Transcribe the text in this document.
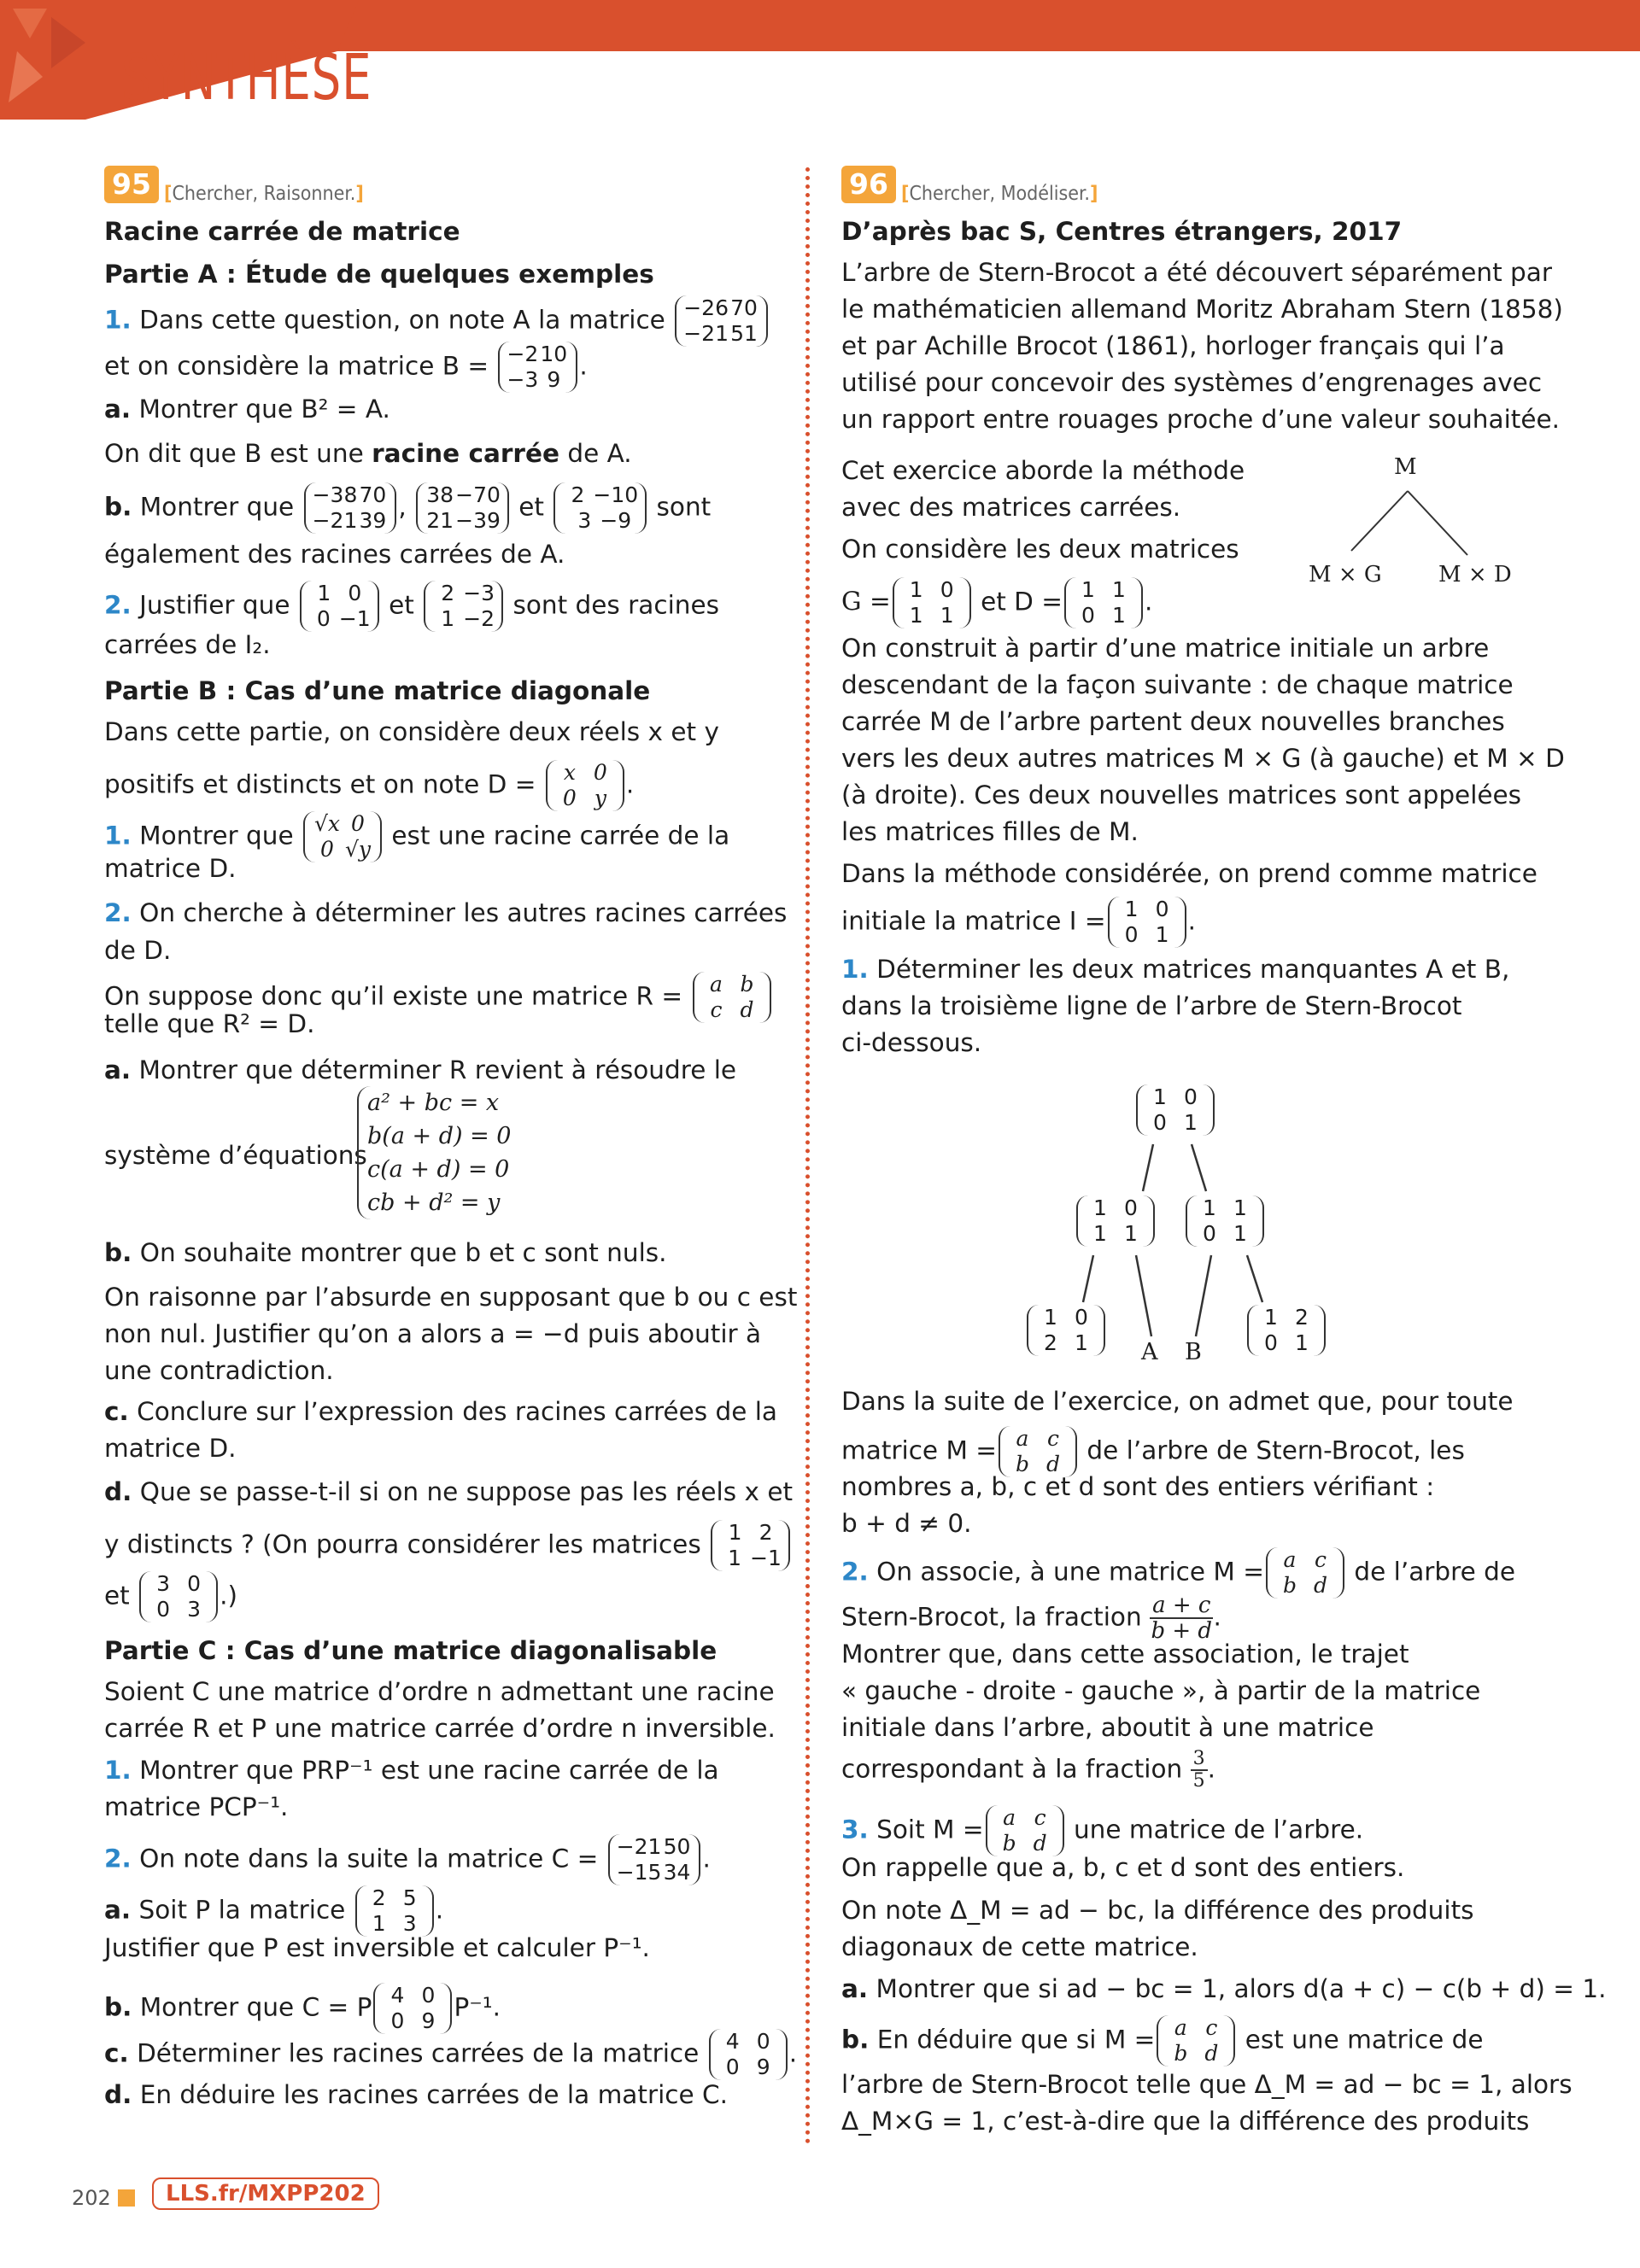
SYNTHÈSE
95 [Chercher, Raisonner.]
Racine carrée de matrice
Partie A : Étude de quelques exemples
1. Dans cette question, on note A la matrice −2670
−2151
et on considère la matrice B = −210
−3 9 .
a. Montrer que B² = A.
On dit que B est une racine carrée de A.
b. Montrer que −3870
−2139 , 38−70
21−39 et	2 −10
3 −9 sont
également des racines carrées de A.
2. Justifier que	1 0
0 −1 et	2 −3
1 −2 sont des racines
carrées de I₂.
Partie B : Cas d’une matrice diagonale
Dans cette partie, on considère deux réels x et y
positifs et distincts et on note D =	x 0
0 y .
1. Montrer que √x 0
0 √y est une racine carrée de la
matrice D.
2. On cherche à déterminer les autres racines carrées
de D.
On suppose donc qu’il existe une matrice R =	a b
c d
telle que R² = D.
a. Montrer que déterminer R revient à résoudre le
système d’équations
a² + bc = x
b(a + d) = 0
c(a + d) = 0
cb + d² = y
b. On souhaite montrer que b et c sont nuls.
On raisonne par l’absurde en supposant que b ou c est
non nul. Justifier qu’on a alors a = −d puis aboutir à
une contradiction.
c. Conclure sur l’expression des racines carrées de la
matrice D.
d. Que se passe-t-il si on ne suppose pas les réels x et
y distincts ? (On pourra considérer les matrices	1 2
1 −1
et	3 0
0 3 .)
Partie C : Cas d’une matrice diagonalisable
Soient C une matrice d’ordre n admettant une racine
carrée R et P une matrice carrée d’ordre n inversible.
1. Montrer que PRP⁻¹ est une racine carrée de la
matrice PCP⁻¹.
2. On note dans la suite la matrice C = −2150
−1534 .
a. Soit P la matrice	2 5
1 3 .
Justifier que P est inversible et calculer P⁻¹.
b. Montrer que C = P 4 0
0 9 P⁻¹.
c. Déterminer les racines carrées de la matrice	4 0
0 9 .
d. En déduire les racines carrées de la matrice C.
96 [Chercher, Modéliser.]
D’après bac S, Centres étrangers, 2017
L’arbre de Stern-Brocot a été découvert séparément par
le mathématicien allemand Moritz Abraham Stern (1858)
et par Achille Brocot (1861), horloger français qui l’a
utilisé pour concevoir des systèmes d’engrenages avec
un rapport entre rouages proche d’une valeur souhaitée.
Cet exercice aborde la méthode
avec des matrices carrées.
On considère les deux matrices
G = 1 0
1 1	et D = 1 1
0 1 .
M
M × G	M × D
On construit à partir d’une matrice initiale un arbre
descendant de la façon suivante : de chaque matrice
carrée M de l’arbre partent deux nouvelles branches
vers les deux autres matrices M × G (à gauche) et M × D
(à droite). Ces deux nouvelles matrices sont appelées
les matrices filles de M.
Dans la méthode considérée, on prend comme matrice
initiale la matrice I = 1 0
0 1 .
1. Déterminer les deux matrices manquantes A et B,
dans la troisième ligne de l’arbre de Stern-Brocot
ci-dessous.
1 0
0 1
1 0
1 1
1 1
0 1
1 0
2 1	A B
1 2
0 1
Dans la suite de l’exercice, on admet que, pour toute
matrice M = a c
b d	de l’arbre de Stern-Brocot, les
nombres a, b, c et d sont des entiers vérifiant :
b + d ≠ 0.
2. On associe, à une matrice M = a c
b d	de l’arbre de
Stern-Brocot, la fraction $\frac{a + c}{b + d}$ .
Montrer que, dans cette association, le trajet
« gauche - droite - gauche », à partir de la matrice
initiale dans l’arbre, aboutit à une matrice
correspondant à la fraction $\frac{3}{5}$ .
3. Soit M = a c
b d	une matrice de l’arbre.
On rappelle que a, b, c et d sont des entiers.
On note Δ_M = ad − bc, la différence des produits
diagonaux de cette matrice.
a. Montrer que si ad − bc = 1, alors d(a + c) − c(b + d) = 1.
b. En déduire que si M = a c
b d	est une matrice de
l’arbre de Stern-Brocot telle que Δ_M = ad − bc = 1, alors
Δ_M×G = 1, c’est-à-dire que la différence des produits
202	LLS.fr/MXPP202
